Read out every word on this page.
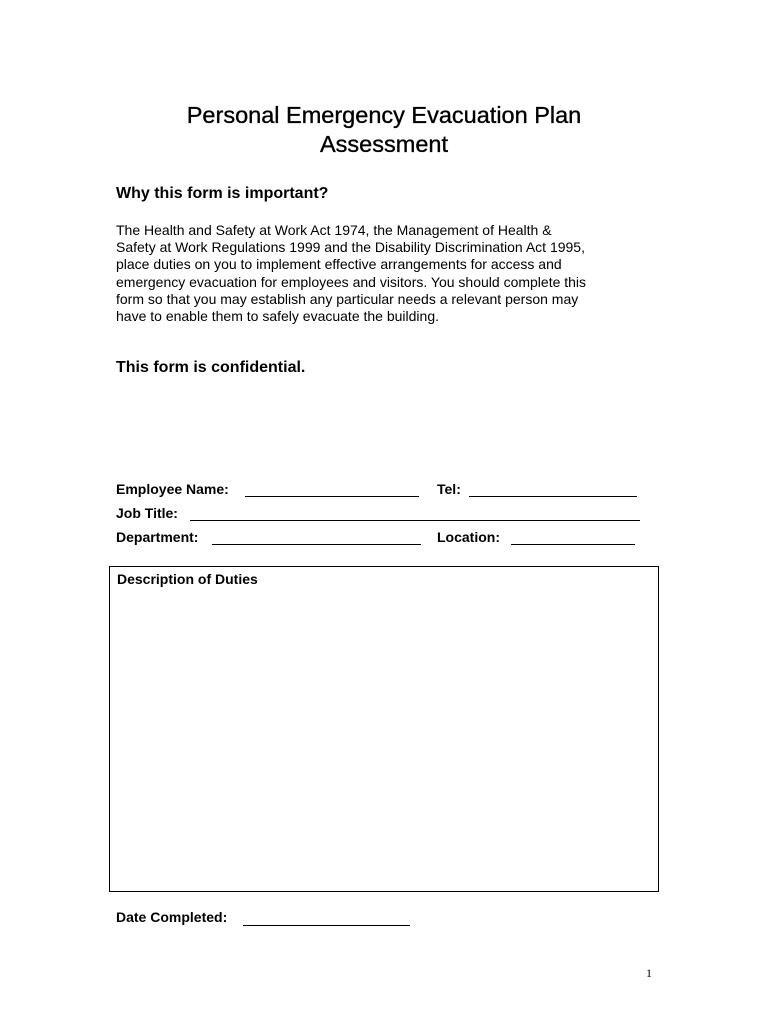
Personal Emergency Evacuation Plan
Assessment
Why this form is important?

The Health and Safety at Work Act 1974, the Management of Health &
Safety at Work Regulations 1999 and the Disability Discrimination Act 1995,
place duties on you to implement effective arrangements for access and
emergency evacuation for employees and visitors. You should complete this
form so that you may establish any particular needs a relevant person may
have to enable them to safely evacuate the building.

This form is confidential.
Employee Name:	Tel:
Job Title:
Department:	Location:
Description of Duties
Date Completed:
1
